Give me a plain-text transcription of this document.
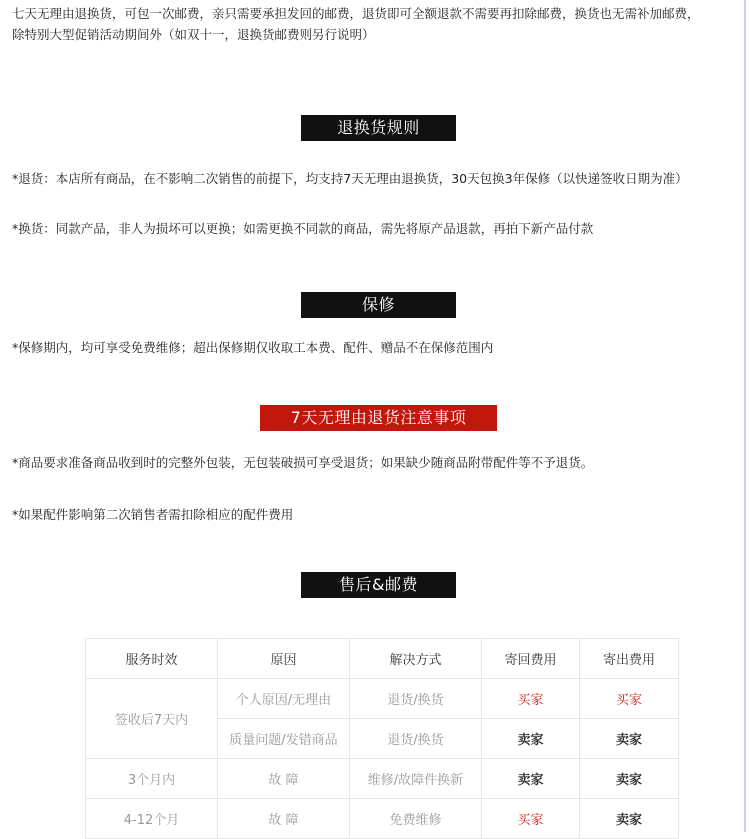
七天无理由退换货，可包一次邮费，亲只需要承担发回的邮费，退货即可全额退款不需要再扣除邮费，换货也无需补加邮费，
除特别大型促销活动期间外（如双十一，退换货邮费则另行说明）
退换货规则
*退货：本店所有商品，在不影响二次销售的前提下，均支持7天无理由退换货，30天包换3年保修（以快递签收日期为准）
*换货：同款产品，非人为损坏可以更换；如需更换不同款的商品，需先将原产品退款，再拍下新产品付款
保修
*保修期内，均可享受免费维修；超出保修期仅收取工本费、配件、赠品不在保修范围内
7天无理由退货注意事项
*商品要求准备商品收到时的完整外包装，无包装破损可享受退货；如果缺少随商品附带配件等不予退货。
*如果配件影响第二次销售者需扣除相应的配件费用
售后&邮费
服务时效	原因	解决方式	寄回费用	寄出费用
签收后7天内	个人原因/无理由	退货/换货	买家	买家
	质量问题/发错商品	退货/换货	卖家	卖家
3个月内	故 障	维修/故障件换新	卖家	卖家
4-12个月	故 障	免费维修	买家	卖家
